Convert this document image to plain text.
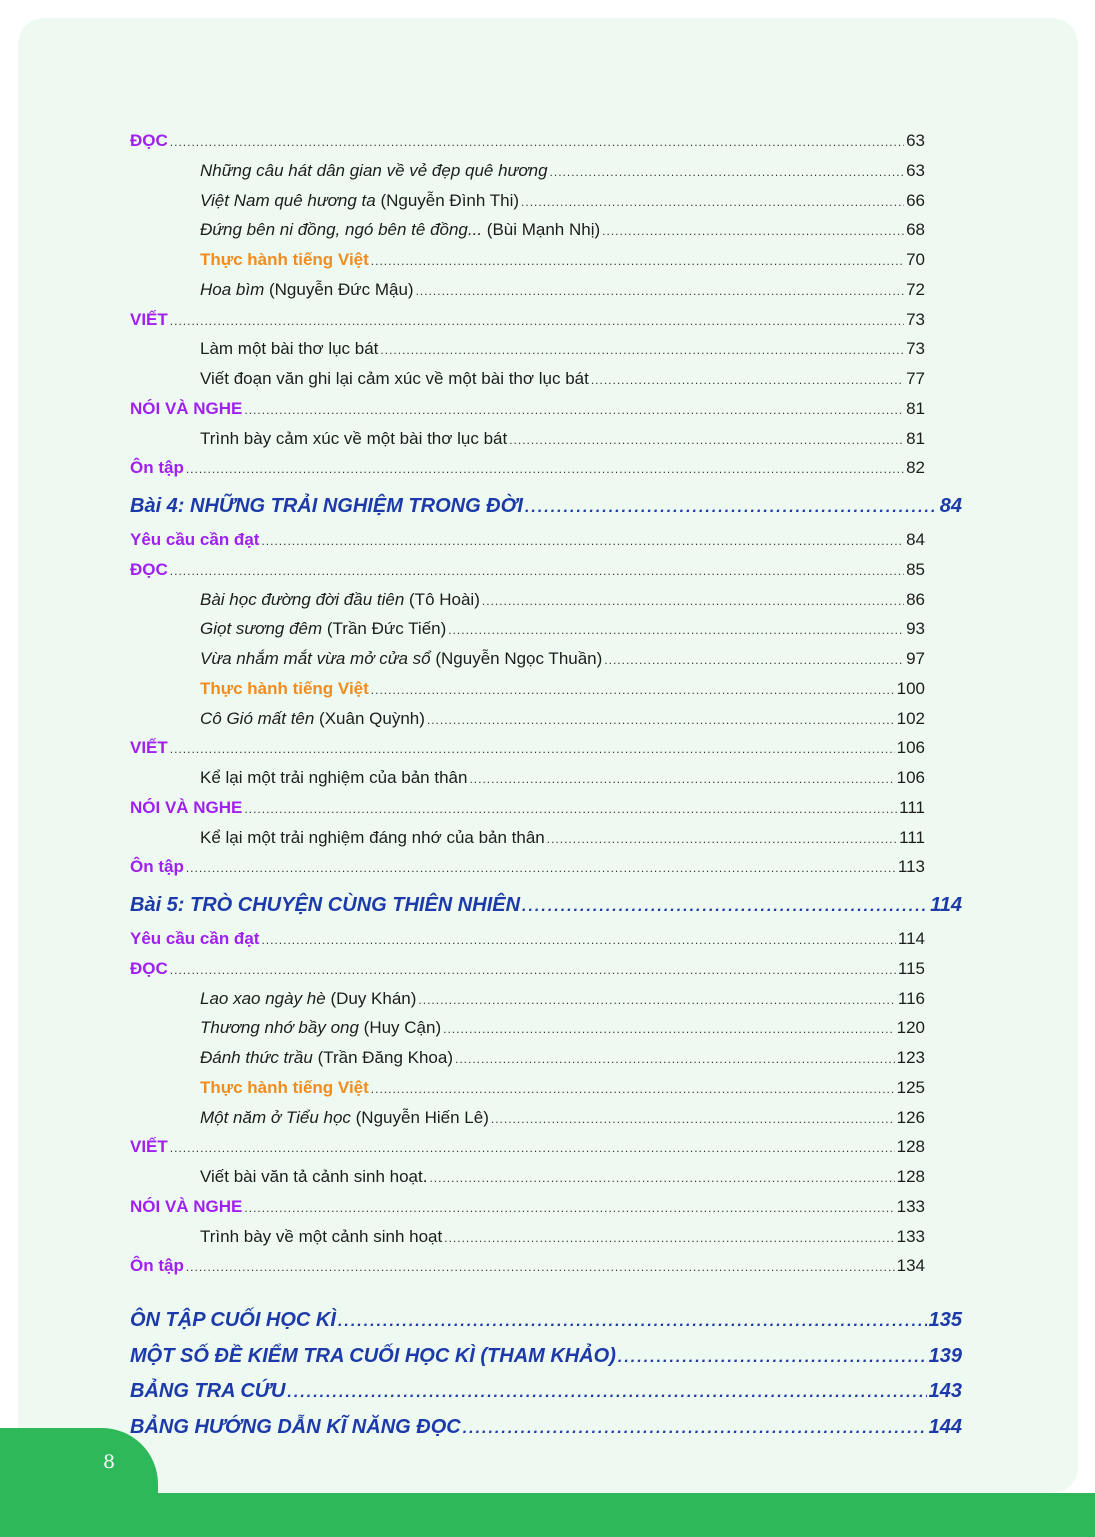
8
ĐỌC .....	63
Những câu hát dân gian về vẻ đẹp quê hương .....	63
Việt Nam quê hương ta (Nguyễn Đình Thi) .....	66
Đứng bên ni đồng, ngó bên tê đồng... (Bùi Mạnh Nhị) .....	68
Thực hành tiếng Việt .....	70
Hoa bìm (Nguyễn Đức Mậu) .....	72
VIẾT .....	73
Làm một bài thơ lục bát .....	73
Viết đoạn văn ghi lại cảm xúc về một bài thơ lục bát .....	77
NÓI VÀ NGHE .....	81
Trình bày cảm xúc về một bài thơ lục bát .....	81
Ôn tập .....	82
Bài 4: NHỮNG TRẢI NGHIỆM TRONG ĐỜI .....	84
Yêu cầu cần đạt .....	84
ĐỌC .....	85
Bài học đường đời đầu tiên (Tô Hoài) .....	86
Giọt sương đêm (Trần Đức Tiến) .....	93
Vừa nhắm mắt vừa mở cửa sổ (Nguyễn Ngọc Thuần) .....	97
Thực hành tiếng Việt .....	100
Cô Gió mất tên (Xuân Quỳnh) .....	102
VIẾT .....	106
Kể lại một trải nghiệm của bản thân .....	106
NÓI VÀ NGHE .....	111
Kể lại một trải nghiệm đáng nhớ của bản thân .....	111
Ôn tập .....	113
Bài 5: TRÒ CHUYỆN CÙNG THIÊN NHIÊN .....	114
Yêu cầu cần đạt .....	114
ĐỌC .....	115
Lao xao ngày hè (Duy Khán) .....	116
Thương nhớ bầy ong (Huy Cận) .....	120
Đánh thức trầu (Trần Đăng Khoa) .....	123
Thực hành tiếng Việt .....	125
Một năm ở Tiểu học (Nguyễn Hiến Lê) .....	126
VIẾT .....	128
Viết bài văn tả cảnh sinh hoạt. .....	128
NÓI VÀ NGHE .....	133
Trình bày về một cảnh sinh hoạt .....	133
Ôn tập .....	134
ÔN TẬP CUỐI HỌC KÌ .....	135
MỘT SỐ ĐỀ KIỂM TRA CUỐI HỌC KÌ (THAM KHẢO) .....	139
BẢNG TRA CỨU .....	143
BẢNG HƯỚNG DẪN KĨ NĂNG ĐỌC .....	144
